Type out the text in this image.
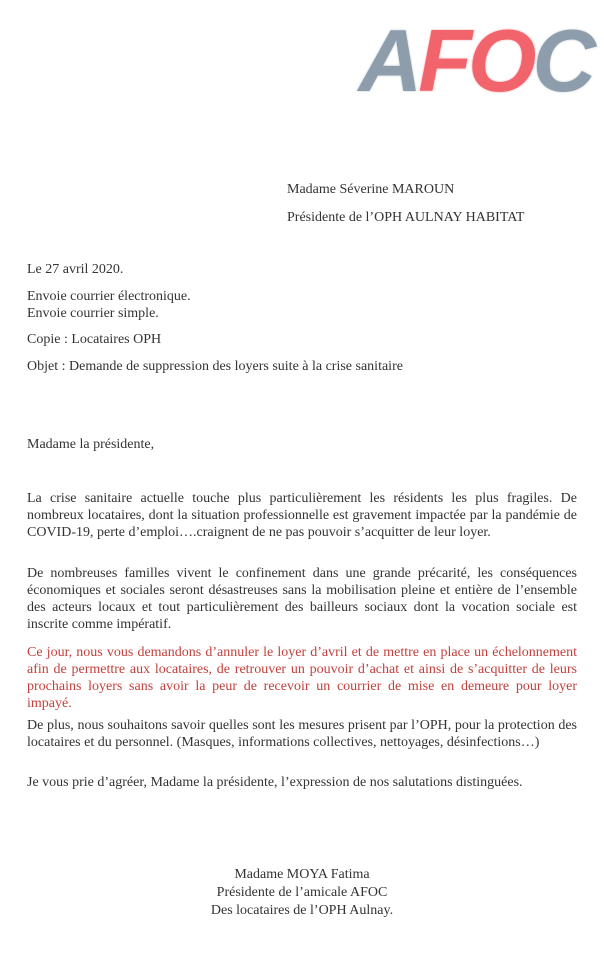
AFOC
Madame Séverine MAROUN
Présidente de l’OPH AULNAY HABITAT

Le 27 avril 2020.

Envoie courrier électronique.

Envoie courrier simple.

Copie : Locataires OPH

Objet : Demande de suppression des loyers suite à la crise sanitaire

Madame la présidente,

La crise sanitaire actuelle touche plus particulièrement les résidents les plus fragiles. De nombreux locataires, dont la situation professionnelle est gravement impactée par la pandémie de COVID-19, perte d’emploi….craignent de ne pas pouvoir s’acquitter de leur loyer.

De nombreuses familles vivent le confinement dans une grande précarité, les conséquences économiques et sociales seront désastreuses sans la mobilisation pleine et entière de l’ensemble des acteurs locaux et tout particulièrement des bailleurs sociaux dont la vocation sociale est inscrite comme impératif.

Ce jour, nous vous demandons d’annuler le loyer d’avril et de mettre en place un échelonnement afin de permettre aux locataires, de retrouver un pouvoir d’achat et ainsi de s’acquitter de leurs prochains loyers sans avoir la peur de recevoir un courrier de mise en demeure pour loyer impayé.

De plus, nous souhaitons savoir quelles sont les mesures prisent par l’OPH, pour la protection des locataires et du personnel. (Masques, informations collectives, nettoyages, désinfections…)

Je vous prie d’agréer, Madame la présidente, l’expression de nos salutations distinguées.

Madame MOYA Fatima
Présidente de l’amicale AFOC
Des locataires de l’OPH Aulnay.
